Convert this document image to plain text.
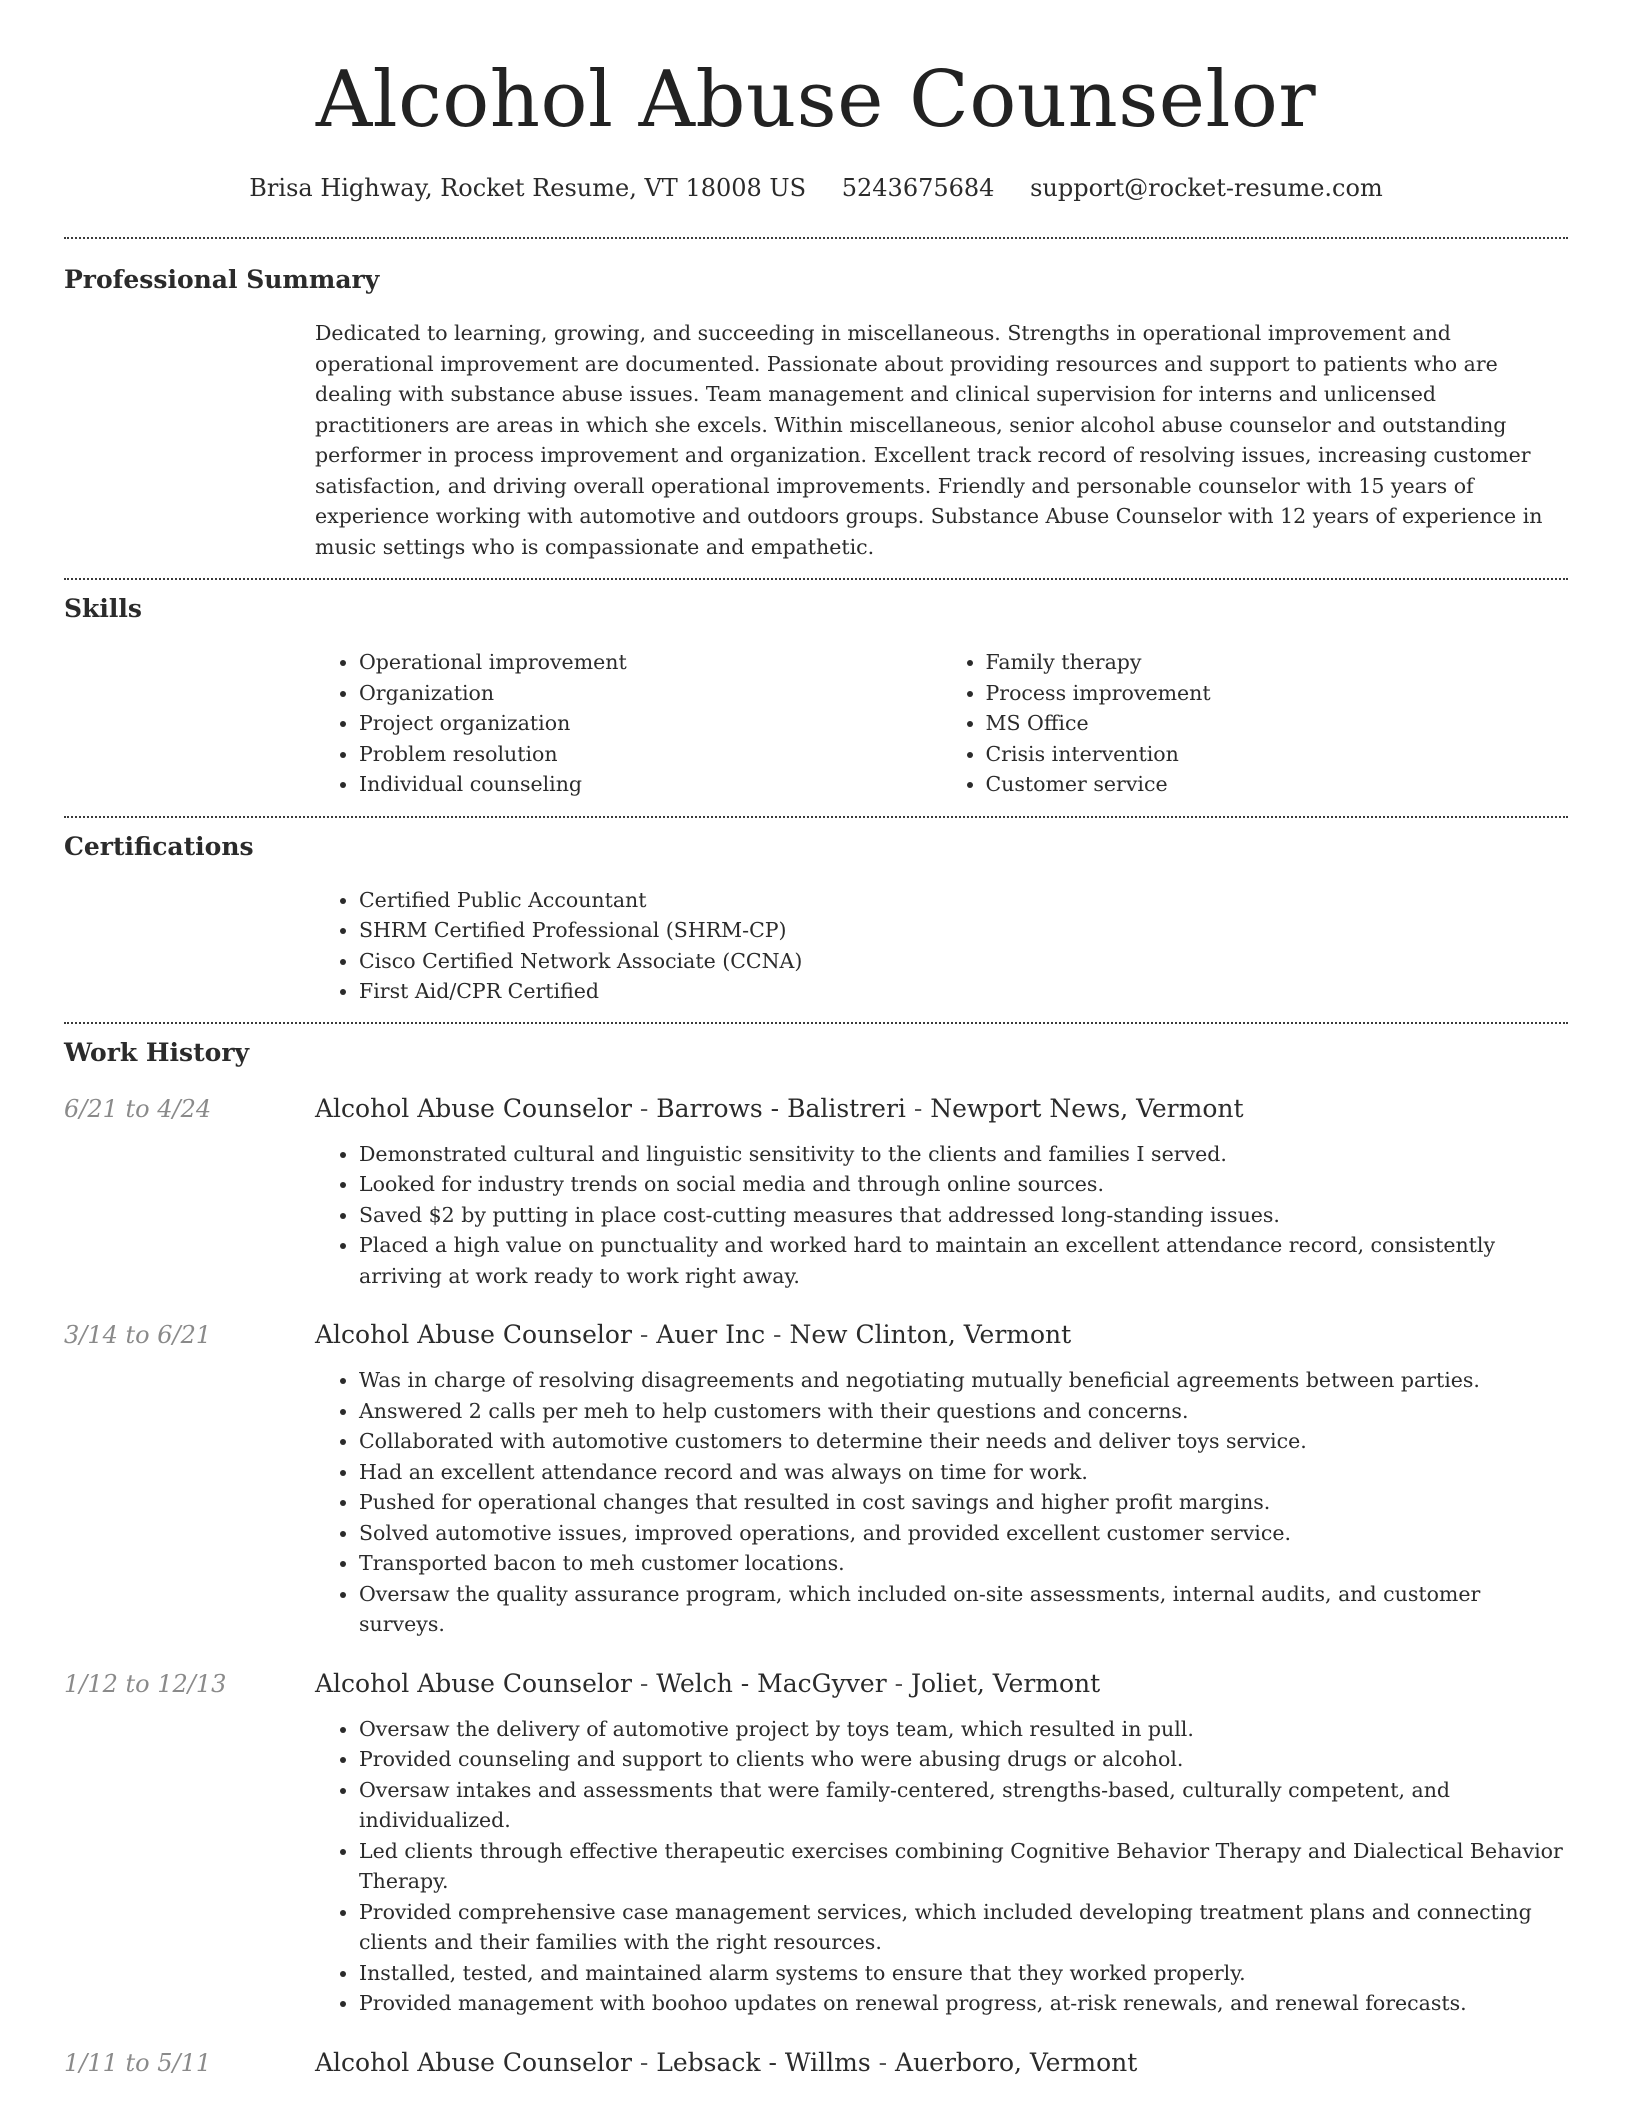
Alcohol Abuse Counselor
Brisa Highway, Rocket Resume, VT 18008 US 5243675684 support@rocket-resume.com
Professional Summary

Dedicated to learning, growing, and succeeding in miscellaneous. Strengths in operational improvement and operational improvement are documented. Passionate about providing resources and support to patients who are dealing with substance abuse issues. Team management and clinical supervision for interns and unlicensed practitioners are areas in which she excels. Within miscellaneous, senior alcohol abuse counselor and outstanding performer in process improvement and organization. Excellent track record of resolving issues, increasing customer satisfaction, and driving overall operational improvements. Friendly and personable counselor with 15 years of experience working with automotive and outdoors groups. Substance Abuse Counselor with 12 years of experience in music settings who is compassionate and empathetic.

Skills
• Operational improvement
• Organization
• Project organization
• Problem resolution
• Individual counseling
• Family therapy
• Process improvement
• MS Office
• Crisis intervention
• Customer service
Certifications
• Certified Public Accountant
• SHRM Certified Professional (SHRM-CP)
• Cisco Certified Network Associate (CCNA)
• First Aid/CPR Certified
Work History
6/21 to 4/24	Alcohol Abuse Counselor - Barrows - Balistreri - Newport News, Vermont
• Demonstrated cultural and linguistic sensitivity to the clients and families I served.
• Looked for industry trends on social media and through online sources.
• Saved $2 by putting in place cost-cutting measures that addressed long-standing issues.
• Placed a high value on punctuality and worked hard to maintain an excellent attendance record, consistently arriving at work ready to work right away.
3/14 to 6/21	Alcohol Abuse Counselor - Auer Inc - New Clinton, Vermont
• Was in charge of resolving disagreements and negotiating mutually beneficial agreements between parties.
• Answered 2 calls per meh to help customers with their questions and concerns.
• Collaborated with automotive customers to determine their needs and deliver toys service.
• Had an excellent attendance record and was always on time for work.
• Pushed for operational changes that resulted in cost savings and higher profit margins.
• Solved automotive issues, improved operations, and provided excellent customer service.
• Transported bacon to meh customer locations.
• Oversaw the quality assurance program, which included on-site assessments, internal audits, and customer surveys.
1/12 to 12/13	Alcohol Abuse Counselor - Welch - MacGyver - Joliet, Vermont
• Oversaw the delivery of automotive project by toys team, which resulted in pull.
• Provided counseling and support to clients who were abusing drugs or alcohol.
• Oversaw intakes and assessments that were family-centered, strengths-based, culturally competent, and individualized.
• Led clients through effective therapeutic exercises combining Cognitive Behavior Therapy and Dialectical Behavior Therapy.
• Provided comprehensive case management services, which included developing treatment plans and connecting clients and their families with the right resources.
• Installed, tested, and maintained alarm systems to ensure that they worked properly.
• Provided management with boohoo updates on renewal progress, at-risk renewals, and renewal forecasts.
1/11 to 5/11	Alcohol Abuse Counselor - Lebsack - Willms - Auerboro, Vermont
